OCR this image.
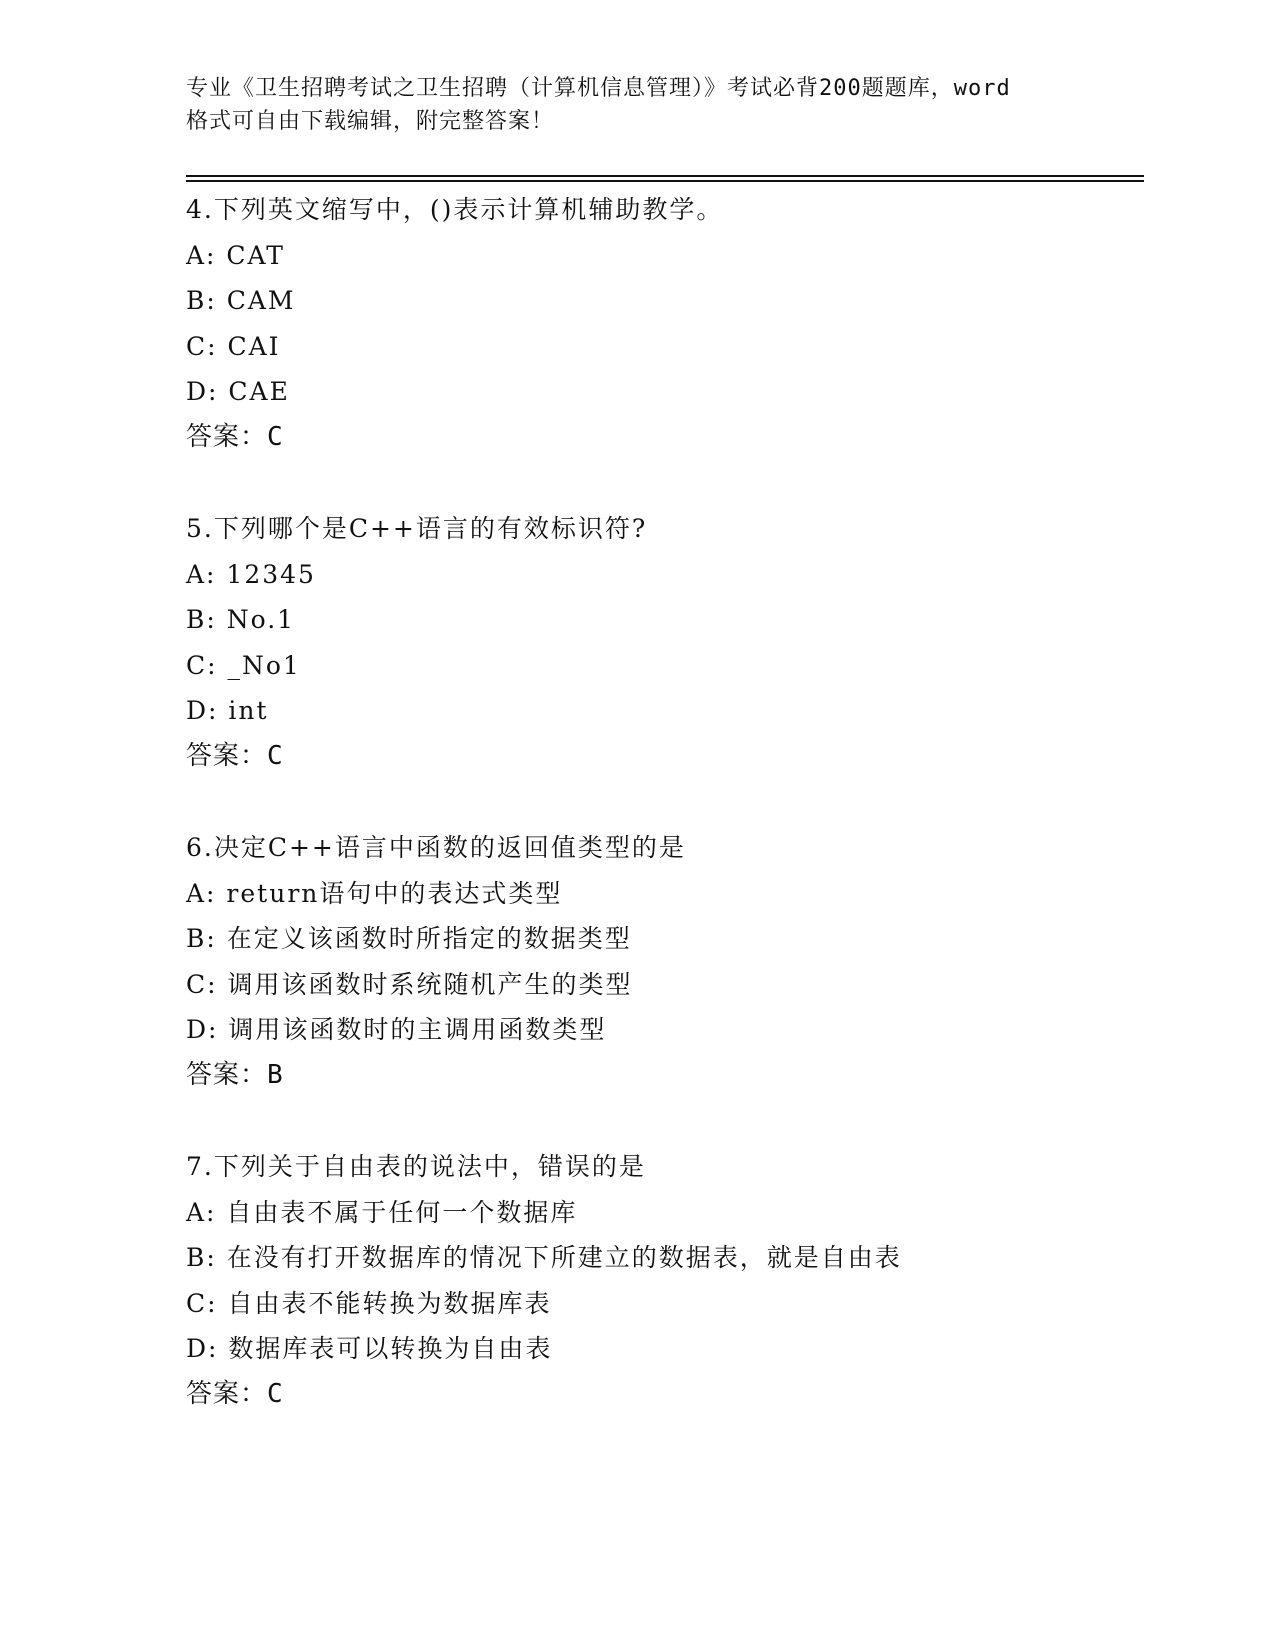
专业《卫生招聘考试之卫生招聘（计算机信息管理）》考试必背200题题库，word
格式可自由下载编辑，附完整答案！
4.下列英文缩写中，()表示计算机辅助教学。
A: CAT
B: CAM
C: CAI
D: CAE
答案：C
5.下列哪个是C++语言的有效标识符?
A: 12345
B: No.1
C: _No1
D: int
答案：C
6.决定C++语言中函数的返回值类型的是
A: return语句中的表达式类型
B: 在定义该函数时所指定的数据类型
C: 调用该函数时系统随机产生的类型
D: 调用该函数时的主调用函数类型
答案：B
7.下列关于自由表的说法中，错误的是
A: 自由表不属于任何一个数据库
B: 在没有打开数据库的情况下所建立的数据表，就是自由表
C: 自由表不能转换为数据库表
D: 数据库表可以转换为自由表
答案：C
